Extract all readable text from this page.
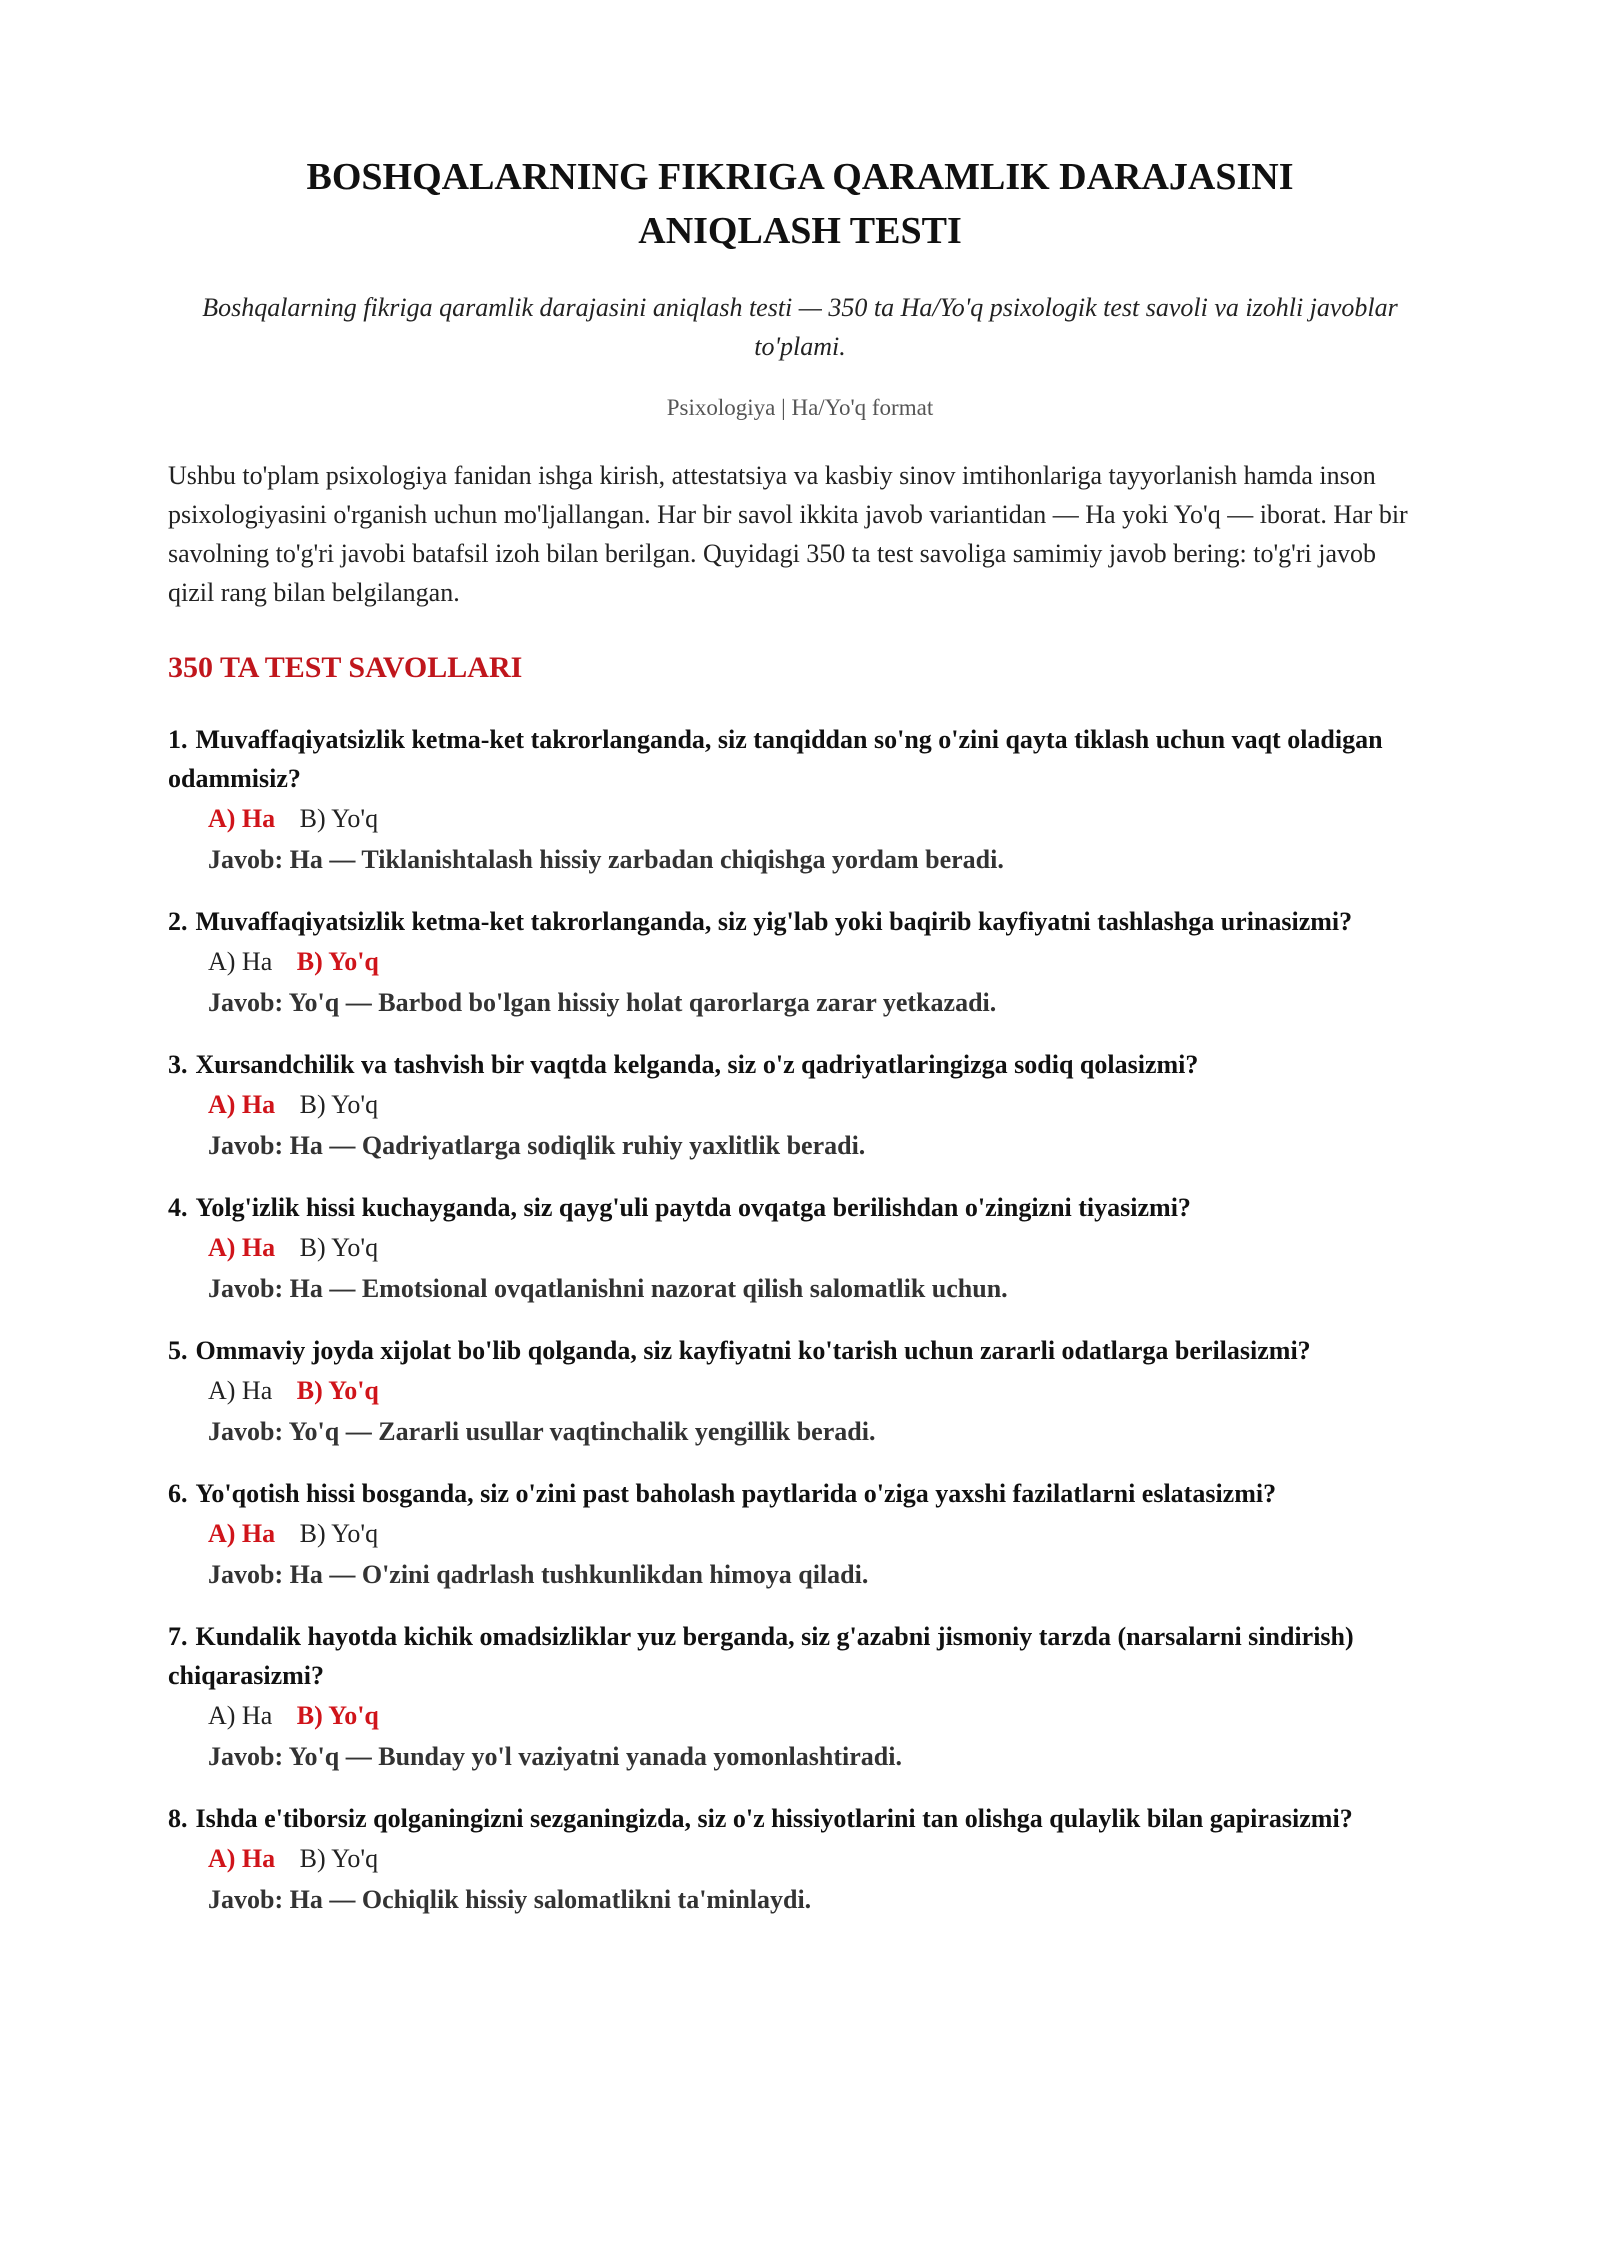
BOSHQALARNING FIKRIGA QARAMLIK DARAJASINI
ANIQLASH TESTI
Boshqalarning fikriga qaramlik darajasini aniqlash testi — 350 ta Ha/Yo'q psixologik test savoli va izohli javoblar to'plami.
Psixologiya | Ha/Yo'q format
Ushbu to'plam psixologiya fanidan ishga kirish, attestatsiya va kasbiy sinov imtihonlariga tayyorlanish hamda inson psixologiyasini o'rganish uchun mo'ljallangan. Har bir savol ikkita javob variantidan — Ha yoki Yo'q — iborat. Har bir savolning to'g'ri javobi batafsil izoh bilan berilgan. Quyidagi 350 ta test savoliga samimiy javob bering: to'g'ri javob qizil rang bilan belgilangan.
350 TA TEST SAVOLLARI
1. Muvaffaqiyatsizlik ketma-ket takrorlanganda, siz tanqiddan so'ng o'zini qayta tiklash uchun vaqt oladigan odammisiz?
A) Ha B) Yo'q
Javob: Ha — Tiklanishtalash hissiy zarbadan chiqishga yordam beradi.
2. Muvaffaqiyatsizlik ketma-ket takrorlanganda, siz yig'lab yoki baqirib kayfiyatni tashlashga urinasizmi?
A) Ha B) Yo'q
Javob: Yo'q — Barbod bo'lgan hissiy holat qarorlarga zarar yetkazadi.
3. Xursandchilik va tashvish bir vaqtda kelganda, siz o'z qadriyatlaringizga sodiq qolasizmi?
A) Ha B) Yo'q
Javob: Ha — Qadriyatlarga sodiqlik ruhiy yaxlitlik beradi.
4. Yolg'izlik hissi kuchayganda, siz qayg'uli paytda ovqatga berilishdan o'zingizni tiyasizmi?
A) Ha B) Yo'q
Javob: Ha — Emotsional ovqatlanishni nazorat qilish salomatlik uchun.
5. Ommaviy joyda xijolat bo'lib qolganda, siz kayfiyatni ko'tarish uchun zararli odatlarga berilasizmi?
A) Ha B) Yo'q
Javob: Yo'q — Zararli usullar vaqtinchalik yengillik beradi.
6. Yo'qotish hissi bosganda, siz o'zini past baholash paytlarida o'ziga yaxshi fazilatlarni eslatasizmi?
A) Ha B) Yo'q
Javob: Ha — O'zini qadrlash tushkunlikdan himoya qiladi.
7. Kundalik hayotda kichik omadsizliklar yuz berganda, siz g'azabni jismoniy tarzda (narsalarni sindirish) chiqarasizmi?
A) Ha B) Yo'q
Javob: Yo'q — Bunday yo'l vaziyatni yanada yomonlashtiradi.
8. Ishda e'tiborsiz qolganingizni sezganingizda, siz o'z hissiyotlarini tan olishga qulaylik bilan gapirasizmi?
A) Ha B) Yo'q
Javob: Ha — Ochiqlik hissiy salomatlikni ta'minlaydi.
